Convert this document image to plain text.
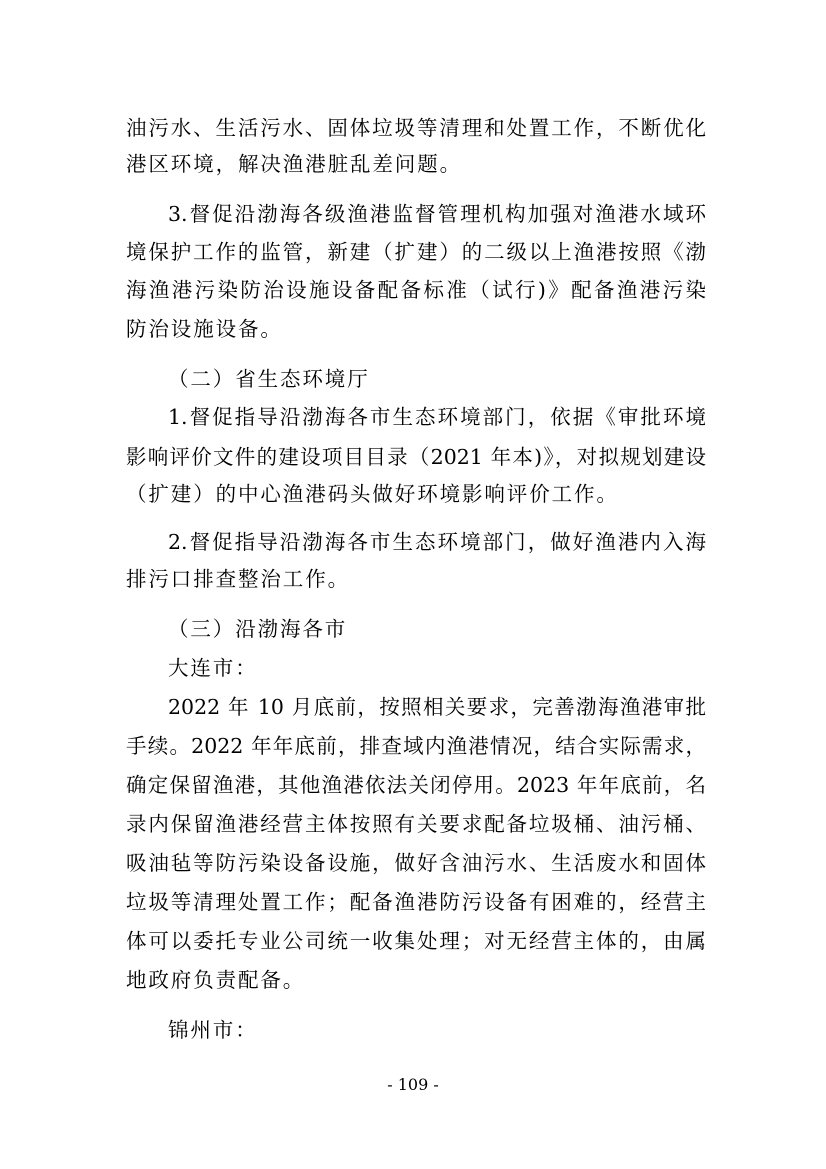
油污水、生活污水、固体垃圾等清理和处置工作，不断优化
港区环境，解决渔港脏乱差问题。
3.督促沿渤海各级渔港监督管理机构加强对渔港水域环
境保护工作的监管，新建（扩建）的二级以上渔港按照《渤
海渔港污染防治设施设备配备标准（试行)》配备渔港污染
防治设施设备。
（二）省生态环境厅
1.督促指导沿渤海各市生态环境部门，依据《审批环境
影响评价文件的建设项目目录（2021 年本)》，对拟规划建设
（扩建）的中心渔港码头做好环境影响评价工作。
2.督促指导沿渤海各市生态环境部门，做好渔港内入海
排污口排查整治工作。
（三）沿渤海各市
大连市：
2022 年 10 月底前，按照相关要求，完善渤海渔港审批
手续。2022 年年底前，排查域内渔港情况，结合实际需求，
确定保留渔港，其他渔港依法关闭停用。2023 年年底前，名
录内保留渔港经营主体按照有关要求配备垃圾桶、油污桶、
吸油毡等防污染设备设施，做好含油污水、生活废水和固体
垃圾等清理处置工作；配备渔港防污设备有困难的，经营主
体可以委托专业公司统一收集处理；对无经营主体的，由属
地政府负责配备。
锦州市：
- 109 -
